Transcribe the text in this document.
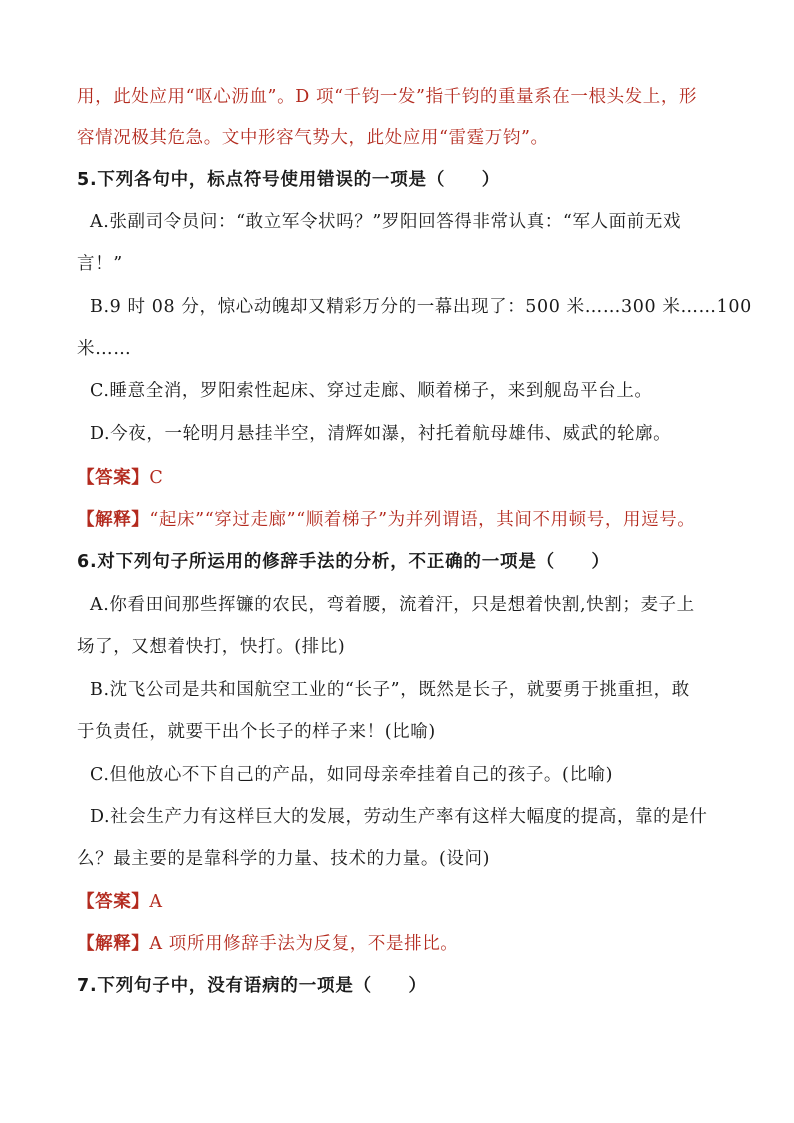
用，此处应用“呕心沥血”。D 项“千钧一发”指千钧的重量系在一根头发上，形
容情况极其危急。文中形容气势大，此处应用“雷霆万钧”。
5.下列各句中，标点符号使用错误的一项是（　　）
A.张副司令员问：“敢立军令状吗？”罗阳回答得非常认真：“军人面前无戏
言！”
B.9 时 08 分，惊心动魄却又精彩万分的一幕出现了：500 米……300 米……100
米……
C.睡意全消，罗阳索性起床、穿过走廊、顺着梯子，来到舰岛平台上。
D.今夜，一轮明月悬挂半空，清辉如瀑，衬托着航母雄伟、威武的轮廓。
【答案】C
【解释】“起床”“穿过走廊”“顺着梯子”为并列谓语，其间不用顿号，用逗号。
6.对下列句子所运用的修辞手法的分析，不正确的一项是（　　）
A.你看田间那些挥镰的农民，弯着腰，流着汗，只是想着快割,快割；麦子上
场了，又想着快打，快打。(排比)
B.沈飞公司是共和国航空工业的“长子”，既然是长子，就要勇于挑重担，敢
于负责任，就要干出个长子的样子来！(比喻)
C.但他放心不下自己的产品，如同母亲牵挂着自己的孩子。(比喻)
D.社会生产力有这样巨大的发展，劳动生产率有这样大幅度的提高，靠的是什
么？最主要的是靠科学的力量、技术的力量。(设问)
【答案】A
【解释】A 项所用修辞手法为反复，不是排比。
7.下列句子中，没有语病的一项是（　　）
